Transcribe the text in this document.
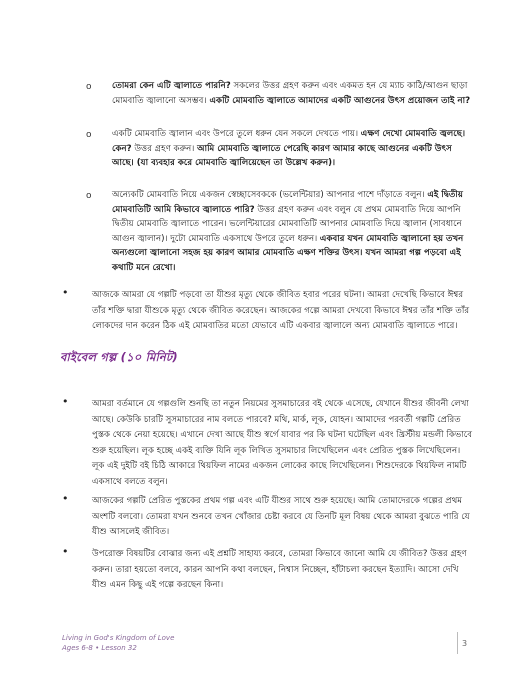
o তোমরা কেন এটি জ্বালাতে পারনি? সকলের উত্তর গ্রহণ করুন এবং একমত হন যে ম্যাচ কাঠি/আগুন ছাড়া মোমবাতি জ্বালানো অসম্ভব। একটি মোমবাতি জ্বালাতে আমাদের একটি আগুনের উৎস প্রয়োজন তাই না?
o একটি মোমবাতি জ্বালান এবং উপরে তুলে ধরুন যেন সকলে দেখতে পায়। এক্ষণ দেখো মোমবাতি জ্বলছে। কেন? উত্তর গ্রহণ করুন। আমি মোমবাতি জ্বালাতে পেরেছি কারণ আমার কাছে আগুনের একটি উৎস আছে। (যা ব্যবহার করে মোমবাতি জ্বালিয়েছেন তা উল্লেখ করুন)।
o অন্যেকটি মোমবাতি নিয়ে একজন স্বেচ্ছাসেবককে (ভলেন্টিয়ার) আপনার পাশে দাঁড়াতে বলুন। এই দ্বিতীয় মোমবাতিটি আমি কিভাবে জ্বালাতে পারি? উত্তর গ্রহণ করুন এবং বলুন যে প্রথম মোমবাতি দিয়ে আপনি দ্বিতীয় মোমবাতি জ্বালাতে পারেন। ভলেন্টিয়ারের মোমবাতিটি আপনার মোমবাতি দিয়ে জ্বালান (সাবধানে আগুন জ্বালান)। দুটো মোমবাতি একসাথে উপরে তুলে ধরুন। একবার যখন মোমবাতি জ্বালানো হয় তখন অন্যগুলো জ্বালানো সহজ হয় কারণ আমার মোমবাতি এক্ষণ শক্তির উৎস। যখন আমরা গল্প পড়বো এই কথাটি মনে রেখো।
•	আজকে আমরা যে গল্পটি পড়বো তা যীশুর মৃত্যু থেকে জীবিত হবার পরের ঘটনা। আমরা দেখেছি কিভাবে ঈশ্বর তাঁর শক্তি দ্বারা যীশুকে মৃত্যু থেকে জীবিত করেছেন। আজকের গল্পে আমরা দেখবো কিভাবে ঈশ্বর তাঁর শক্তি তাঁর লোকদের দান করেন ঠিক এই মোমবাতির মতো যেভাবে এটি একবার জ্বালালে অন্য মোমবাতি জ্বালাতে পারে।
বাইবেল গল্প (১০ মিনিট)
•	আমরা বর্তমানে যে গল্পগুলি শুনছি তা নতুন নিয়মের সুসমাচারের বই থেকে এসেছে, যেখানে যীশুর জীবনী লেখা আছে। কেউকি চারটি সুসমাচারের নাম বলতে পারবে? মথি, মার্ক, লূক, যোহন। আমাদের পরবর্তী গল্পটি প্রেরিত পুস্তক থেকে নেয়া হয়েছে। এখানে দেখা আছে যীশু স্বর্গে যাবার পর কি ঘটনা ঘটেছিল এবং খ্রিস্টীয় মন্ডলী কিভাবে শুরু হয়েছিল। লূক হচ্ছে একই ব্যক্তি যিনি লূক লিখিত সুসমাচার লিখেছিলেন এবং প্রেরিত পুস্তক লিখেছিলেন। লূক এই দুইটি বই চিঠি আকারে থিয়ফিল নামের একজন লোকের কাছে লিখেছিলেন। শিশুদেরকে থিয়ফিল নামটি একসাথে বলতে বলুন।
•	আজকের গল্পটি প্রেরিত পুস্তকের প্রথম গল্প এবং এটি যীশুর সাথে শুরু হয়েছে। আমি তোমাদেরকে গল্পের প্রথম অংশটি বলবো। তোমরা যখন শুনবে তখন খোঁজার চেষ্টা করবে যে তিনটি মূল বিষয় থেকে আমরা বুঝতে পারি যে যীশু আসলেই জীবিত।
•	উপরোক্ত বিষয়টির বোঝার জন্য এই প্রশ্নটি সাহায্য করবে, তোমরা কিভাবে জানো আমি যে জীবিত? উত্তর গ্রহণ করুন। তারা হয়তো বলবে, কারন আপনি কথা বলছেন, নিশ্বাস নিচ্ছেন, হাঁটাচলা করছেন ইত্যাদি। আসো দেখি যীশু এমন কিছু এই গল্পে করছেন কিনা।
Living in God's Kingdom of Love
Ages 6-8 • Lesson 32	3
